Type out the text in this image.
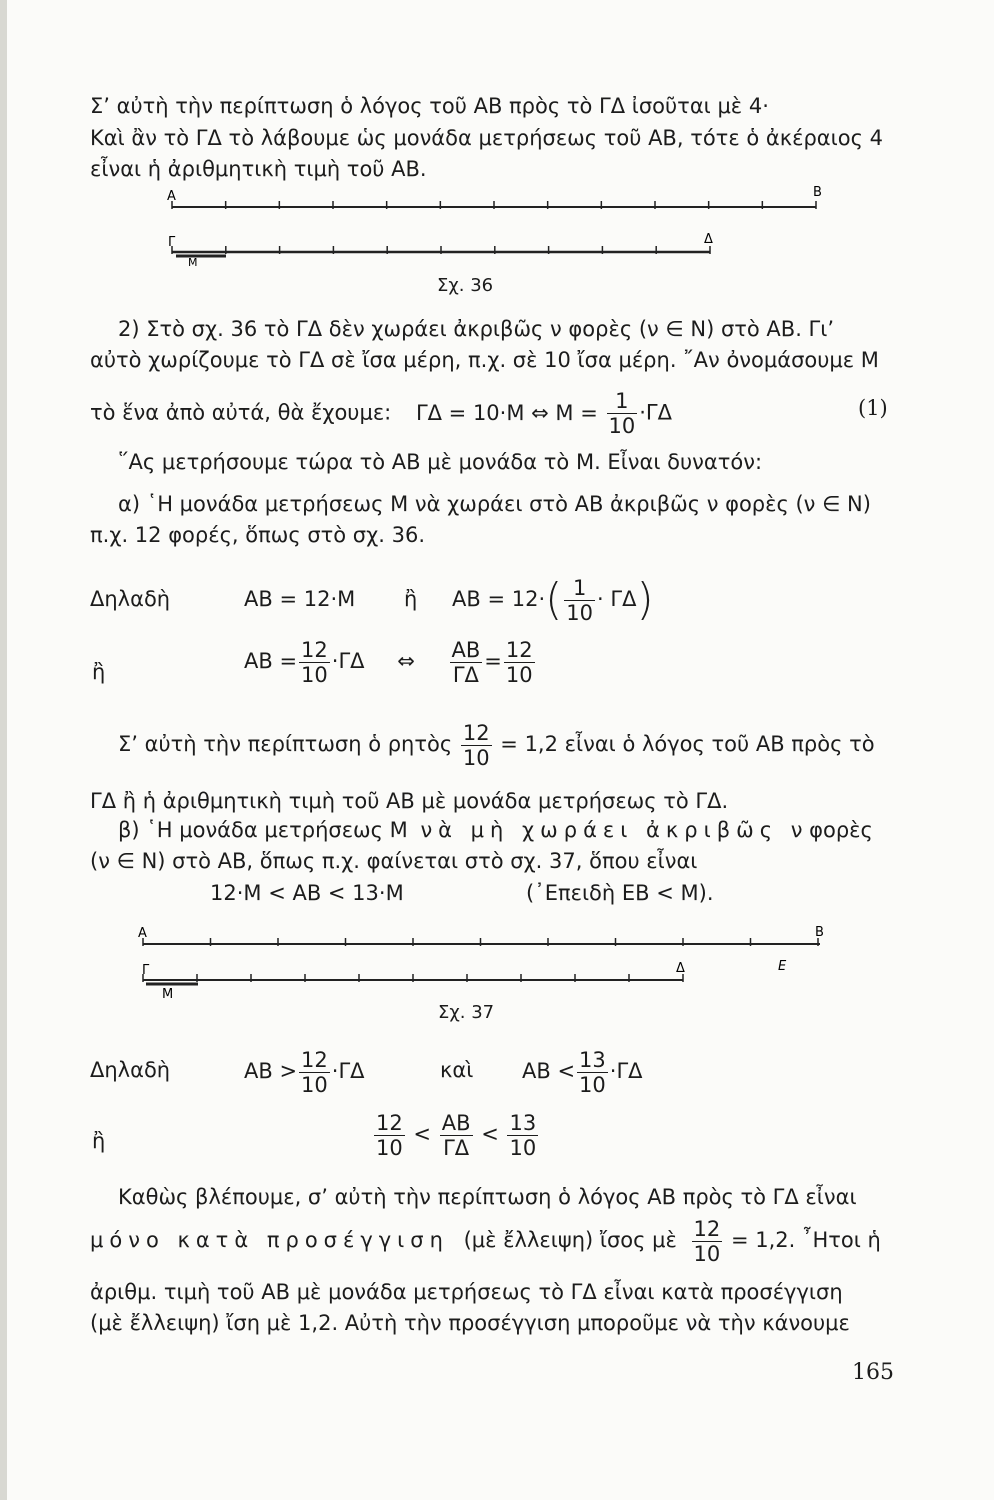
Σ’ αὐτὴ τὴν περίπτωση ὁ λόγος τοῦ ΑΒ πρὸς τὸ ΓΔ ἰσοῦται μὲ 4·
Καὶ ἂν τὸ ΓΔ τὸ λάβουμε ὡς μονάδα μετρήσεως τοῦ ΑΒ, τότε ὁ ἀκέραιος 4
εἶναι ἡ ἀριθμητικὴ τιμὴ τοῦ ΑΒ.
Α	Β
Γ	Δ
Μ
Σχ. 36
2) Στὸ σχ. 36 τὸ ΓΔ δὲν χωράει ἀκριβῶς ν φορὲς (ν ∈ Ν) στὸ ΑΒ. Γι’
αὐτὸ χωρίζουμε τὸ ΓΔ σὲ ἴσα μέρη, π.χ. σὲ 10 ἴσα μέρη. ῎Αν ὀνομάσουμε Μ
τὸ ἕνα ἀπὸ αὐτά, θὰ ἔχουμε: ΓΔ = 10·Μ ⇔ $M = \frac{1}{10} \cdot\Gamma\Delta$	(1)
῞Ας μετρήσουμε τώρα τὸ ΑΒ μὲ μονάδα τὸ Μ. Εἶναι δυνατόν:
α) ῾Η μονάδα μετρήσεως Μ νὰ χωράει στὸ ΑΒ ἀκριβῶς ν φορὲς (ν ∈ Ν)
π.χ. 12 φορές, ὅπως στὸ σχ. 36.
Δηλαδὴ	ΑΒ = 12·Μ ἢ $AB = 12\cdot( \frac{1}{10} \cdot \Gamma\Delta)$
ἢ	$AB = \frac{12}{10} \cdot\Gamma\Delta$ ⇔ $\frac{AB}{\Gamma\Delta} = \frac{12}{10}$
Σ’ αὐτὴ τὴν περίπτωση ὁ ρητὸς $\frac{12}{10} = 1,2$ εἶναι ὁ λόγος τοῦ ΑΒ πρὸς τὸ
ΓΔ ἢ ἡ ἀριθμητικὴ τιμὴ τοῦ ΑΒ μὲ μονάδα μετρήσεως τὸ ΓΔ.
β) ῾Η μονάδα μετρήσεως Μ νὰ μὴ χωράει ἀκριβῶς ν φορὲς
(ν ∈ Ν) στὸ ΑΒ, ὅπως π.χ. φαίνεται στὸ σχ. 37, ὅπου εἶναι
12·Μ < ΑΒ < 13·Μ	(᾿Επειδὴ ΕΒ < Μ).
Α	Β
Γ	Δ
Μ
Ε
Σχ. 37
Δηλαδὴ	$AB > \frac{12}{10} \cdot\Gamma\Delta$	καὶ $AB < \frac{13}{10} \cdot\Gamma\Delta$
ἢ	$\frac{12}{10} < \frac{AB}{\Gamma\Delta} < \frac{13}{10}$
Καθὼς βλέπουμε, σ’ αὐτὴ τὴν περίπτωση ὁ λόγος ΑΒ πρὸς τὸ ΓΔ εἶναι
μόνο κατὰ προσέγγιση (μὲ ἔλλειψη) ἴσος μὲ $\frac{12}{10} = 1,2$. ῏Ητοι ἡ
ἀριθμ. τιμὴ τοῦ ΑΒ μὲ μονάδα μετρήσεως τὸ ΓΔ εἶναι κατὰ προσέγγιση
(μὲ ἔλλειψη) ἴση μὲ 1,2. Αὐτὴ τὴν προσέγγιση μποροῦμε νὰ τὴν κάνουμε
165
